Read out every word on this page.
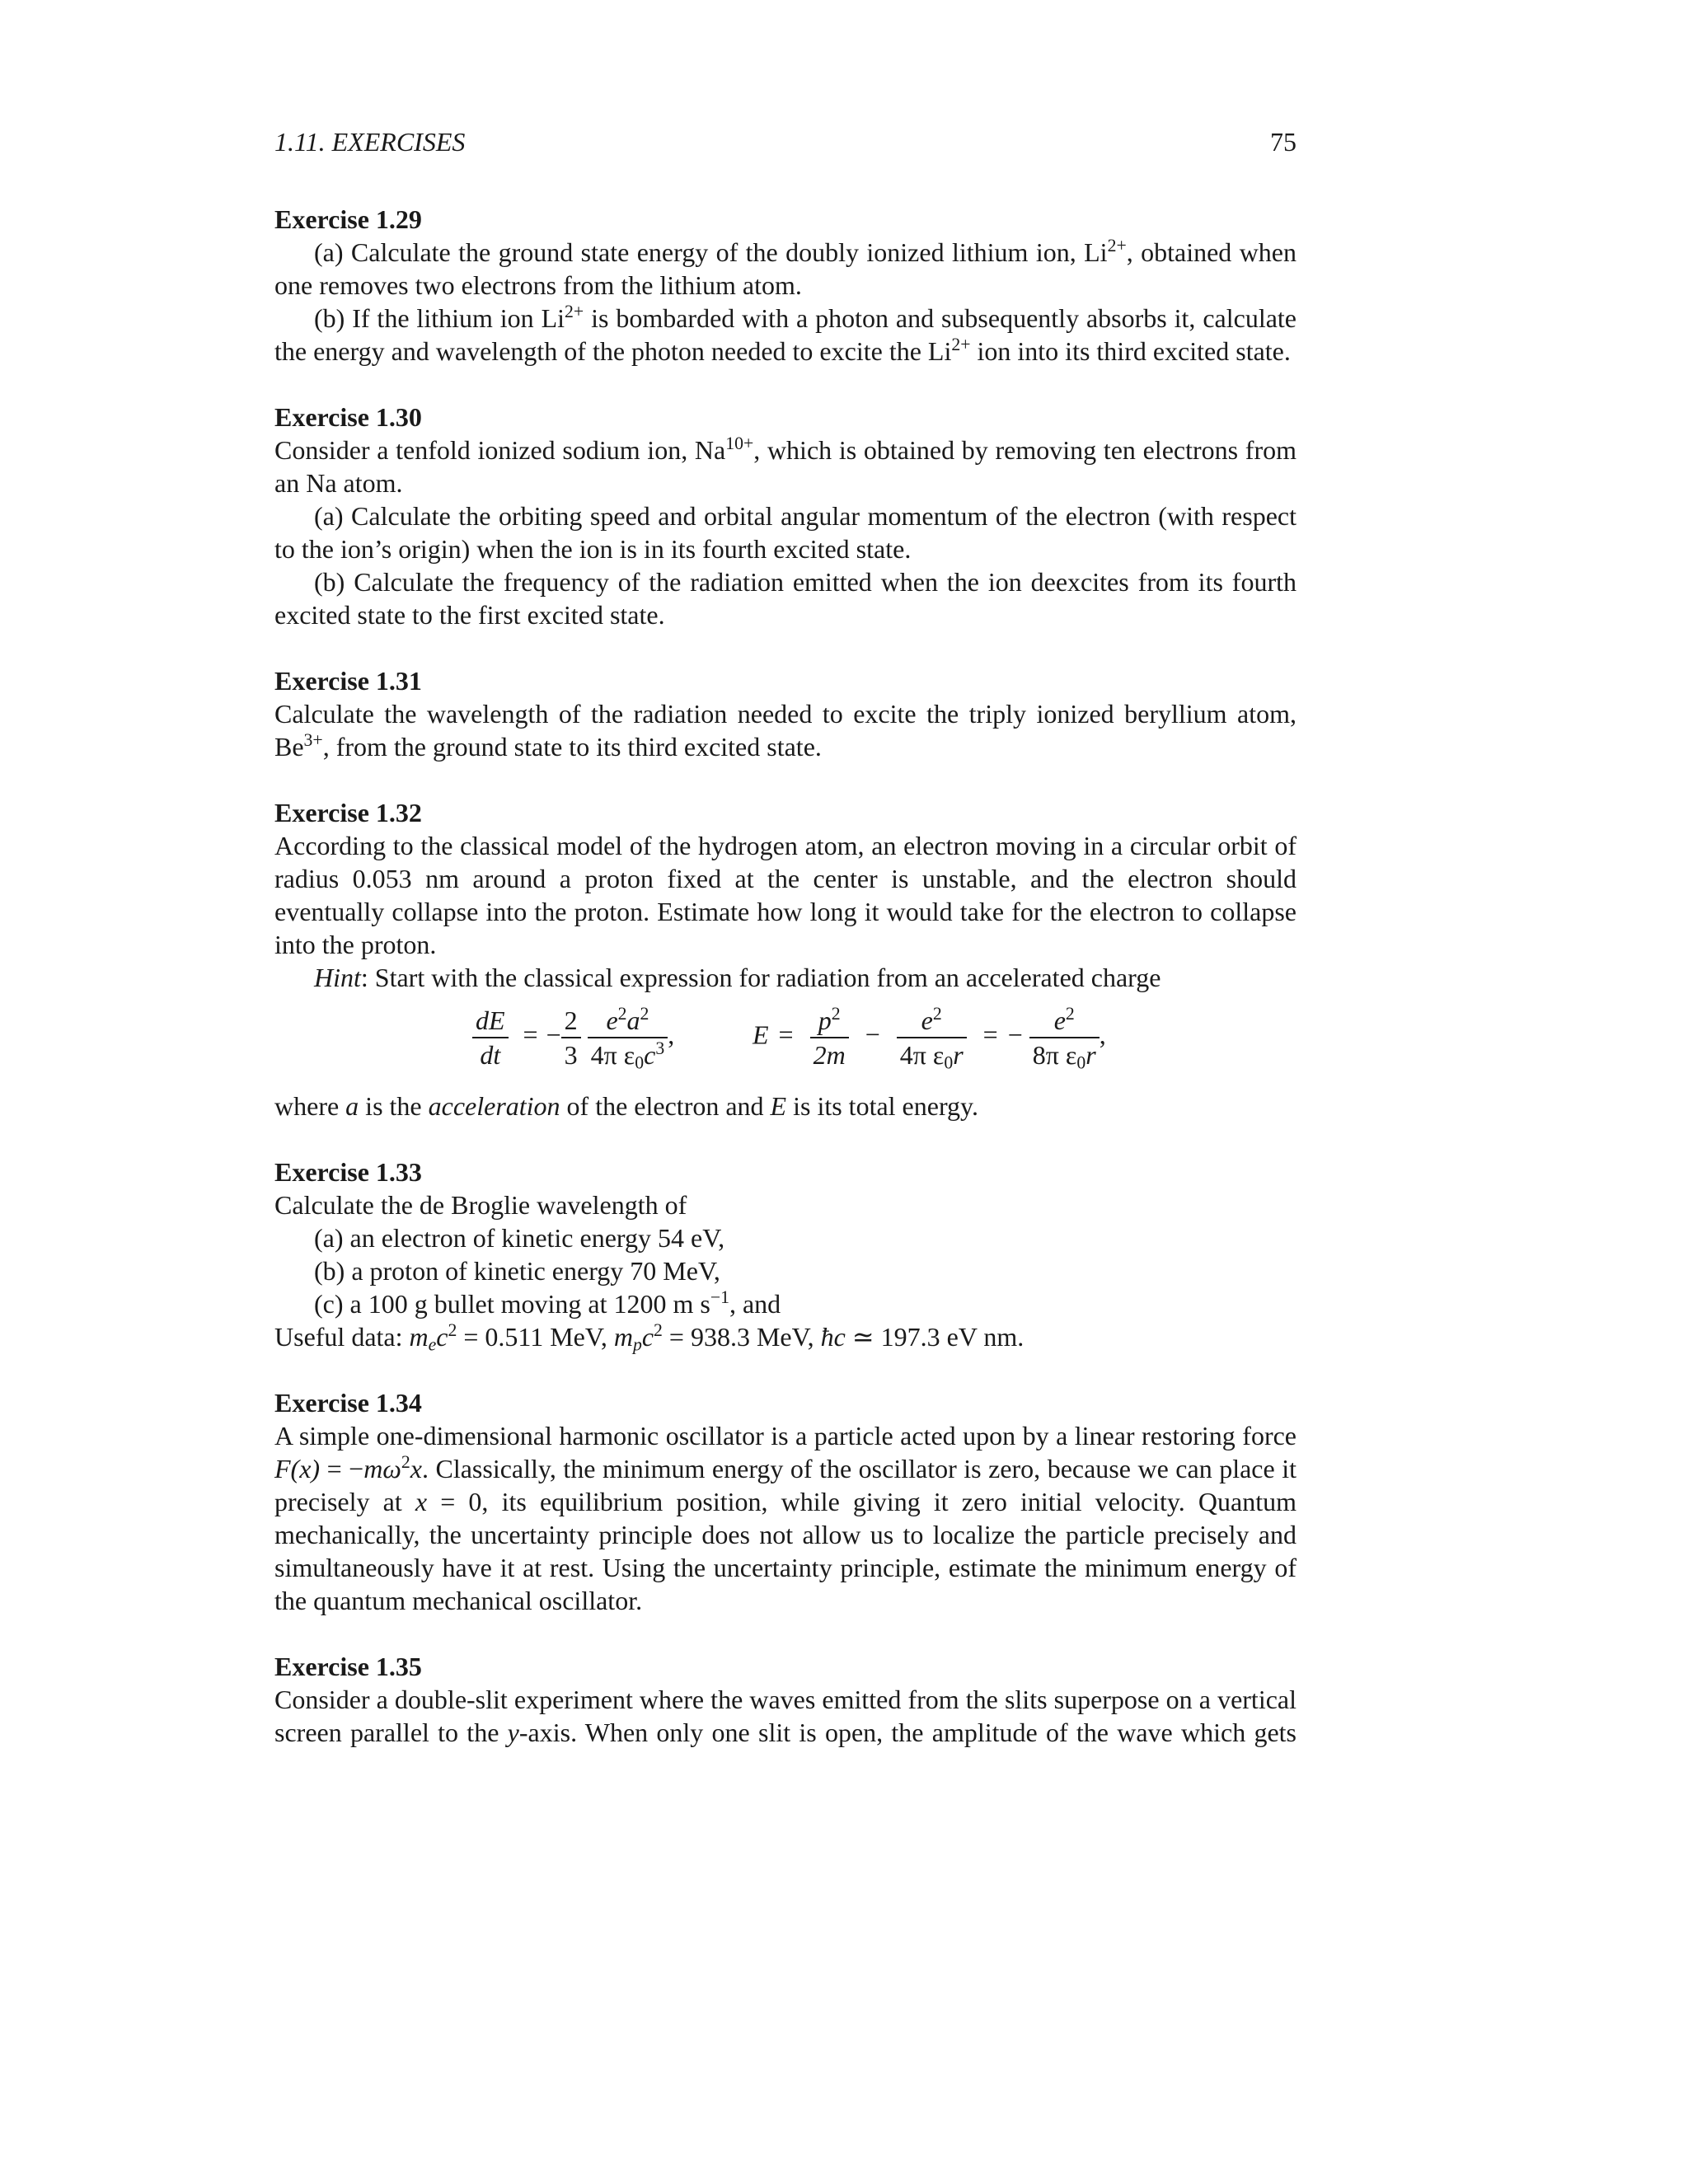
1.11. EXERCISES	75

Exercise 1.29

(a) Calculate the ground state energy of the doubly ionized lithium ion, $Li^{2+}$, obtained when one removes two electrons from the lithium atom.

(b) If the lithium ion $Li^{2+}$ is bombarded with a photon and subsequently absorbs it, calculate the energy and wavelength of the photon needed to excite the $Li^{2+}$ ion into its third excited state.

Exercise 1.30

Consider a tenfold ionized sodium ion, $Na^{10+}$, which is obtained by removing ten electrons from an Na atom.

(a) Calculate the orbiting speed and orbital angular momentum of the electron (with respect to the ion’s origin) when the ion is in its fourth excited state.

(b) Calculate the frequency of the radiation emitted when the ion deexcites from its fourth excited state to the first excited state.

Exercise 1.31

Calculate the wavelength of the radiation needed to excite the triply ionized beryllium atom, $Be^{3+}$, from the ground state to its third excited state.

Exercise 1.32

According to the classical model of the hydrogen atom, an electron moving in a circular orbit of radius 0.053 nm around a proton fixed at the center is unstable, and the electron should eventually collapse into the proton. Estimate how long it would take for the electron to collapse into the proton.

Hint: Start with the classical expression for radiation from an accelerated charge

$\frac{dE}{dt}$ = − $\frac{2}{3}$
$\frac{e^2a^2}{4\pi \varepsilon_0c^3}$ ,	$E = \frac{p^2}{2m} - \frac{e^2}{4\pi \varepsilon_0r}$ = − $\frac{e^2}{8\pi \varepsilon_0r}$ ,

where a is the acceleration of the electron and E is its total energy.

Exercise 1.33

Calculate the de Broglie wavelength of

(a) an electron of kinetic energy 54 eV,

(b) a proton of kinetic energy 70 MeV,

(c) a 100 g bullet moving at 1200 m $s^{-1}$, and

Useful data: $m_ec^2 = 0.511$ MeV, $m_pc^2 = 938.3$ MeV, ħc ≃ 197.3 eV nm.

Exercise 1.34

A simple one-dimensional harmonic oscillator is a particle acted upon by a linear restoring force $F(x) = -m\omega^2x$. Classically, the minimum energy of the oscillator is zero, because we can place it precisely at x = 0, its equilibrium position, while giving it zero initial velocity. Quantum mechanically, the uncertainty principle does not allow us to localize the particle precisely and simultaneously have it at rest. Using the uncertainty principle, estimate the minimum energy of the quantum mechanical oscillator.

Exercise 1.35

Consider a double-slit experiment where the waves emitted from the slits superpose on a vertical screen parallel to the y-axis. When only one slit is open, the amplitude of the wave which gets
